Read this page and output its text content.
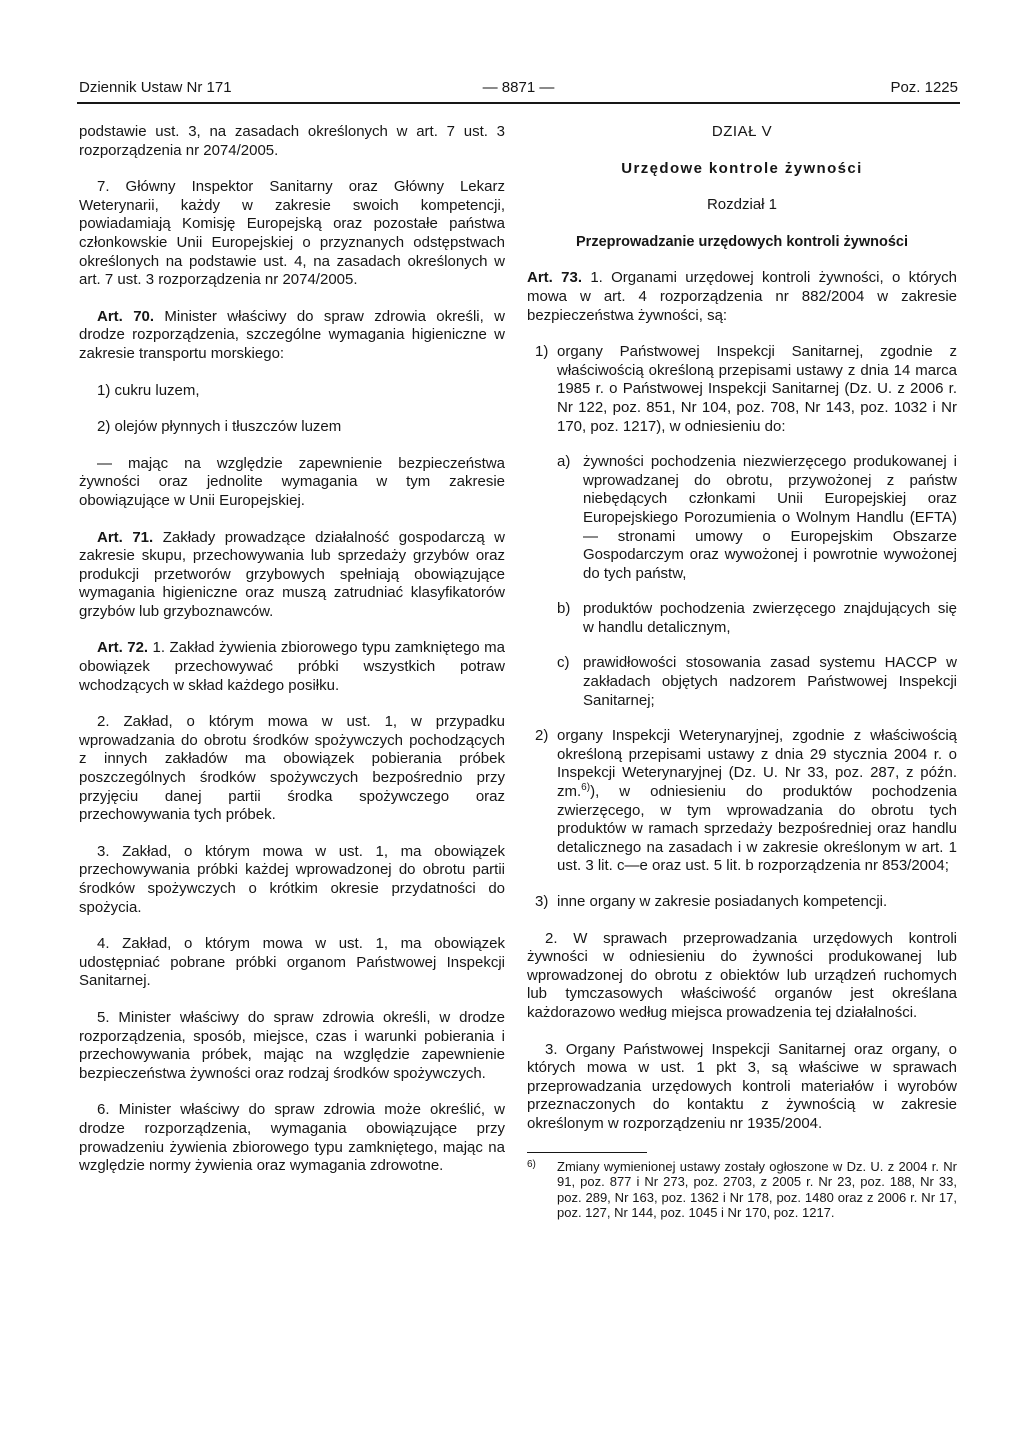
Dziennik Ustaw Nr 171	— 8871 —	Poz. 1225

podstawie ust. 3, na zasadach określonych w art. 7 ust. 3 rozporządzenia nr 2074/2005.

7. Główny Inspektor Sanitarny oraz Główny Lekarz Weterynarii, każdy w zakresie swoich kompetencji, powiadamiają Komisję Europejską oraz pozostałe państwa członkowskie Unii Europejskiej o przyznanych odstępstwach określonych na podstawie ust. 4, na zasadach określonych w art. 7 ust. 3 rozporządzenia nr 2074/2005.

Art. 70. Minister właściwy do spraw zdrowia określi, w drodze rozporządzenia, szczególne wymagania higieniczne w zakresie transportu morskiego:

1) cukru luzem,

2) olejów płynnych i tłuszczów luzem

— mając na względzie zapewnienie bezpieczeństwa żywności oraz jednolite wymagania w tym zakresie obowiązujące w Unii Europejskiej.

Art. 71. Zakłady prowadzące działalność gospodarczą w zakresie skupu, przechowywania lub sprzedaży grzybów oraz produkcji przetworów grzybowych spełniają obowiązujące wymagania higieniczne oraz muszą zatrudniać klasyfikatorów grzybów lub grzyboznawców.

Art. 72. 1. Zakład żywienia zbiorowego typu zamkniętego ma obowiązek przechowywać próbki wszystkich potraw wchodzących w skład każdego posiłku.

2. Zakład, o którym mowa w ust. 1, w przypadku wprowadzania do obrotu środków spożywczych pochodzących z innych zakładów ma obowiązek pobierania próbek poszczególnych środków spożywczych bezpośrednio przy przyjęciu danej partii środka spożywczego oraz przechowywania tych próbek.

3. Zakład, o którym mowa w ust. 1, ma obowiązek przechowywania próbki każdej wprowadzonej do obrotu partii środków spożywczych o krótkim okresie przydatności do spożycia.

4. Zakład, o którym mowa w ust. 1, ma obowiązek udostępniać pobrane próbki organom Państwowej Inspekcji Sanitarnej.

5. Minister właściwy do spraw zdrowia określi, w drodze rozporządzenia, sposób, miejsce, czas i warunki pobierania i przechowywania próbek, mając na względzie zapewnienie bezpieczeństwa żywności oraz rodzaj środków spożywczych.

6. Minister właściwy do spraw zdrowia może określić, w drodze rozporządzenia, wymagania obowiązujące przy prowadzeniu żywienia zbiorowego typu zamkniętego, mając na względzie normy żywienia oraz wymagania zdrowotne.

DZIAŁ V
Urzędowe kontrole żywności
Rozdział 1
Przeprowadzanie urzędowych kontroli żywności

Art. 73. 1. Organami urzędowej kontroli żywności, o których mowa w art. 4 rozporządzenia nr 882/2004 w zakresie bezpieczeństwa żywności, są:

1) organy Państwowej Inspekcji Sanitarnej, zgodnie z właściwością określoną przepisami ustawy z dnia 14 marca 1985 r. o Państwowej Inspekcji Sanitarnej (Dz. U. z 2006 r. Nr 122, poz. 851, Nr 104, poz. 708, Nr 143, poz. 1032 i Nr 170, poz. 1217), w odniesieniu do:
a) żywności pochodzenia niezwierzęcego produkowanej i wprowadzanej do obrotu, przywożonej z państw niebędących członkami Unii Europejskiej oraz Europejskiego Porozumienia o Wolnym Handlu (EFTA) — stronami umowy o Europejskim Obszarze Gospodarczym oraz wywożonej i powrotnie wywożonej do tych państw,
b) produktów pochodzenia zwierzęcego znajdujących się w handlu detalicznym,
c) prawidłowości stosowania zasad systemu HACCP w zakładach objętych nadzorem Państwowej Inspekcji Sanitarnej;
2) organy Inspekcji Weterynaryjnej, zgodnie z właściwością określoną przepisami ustawy z dnia 29 stycznia 2004 r. o Inspekcji Weterynaryjnej (Dz. U. Nr 33, poz. 287, z późn. zm.$^{6)}$), w odniesieniu do produktów pochodzenia zwierzęcego, w tym wprowadzania do obrotu tych produktów w ramach sprzedaży bezpośredniej oraz handlu detalicznego na zasadach i w zakresie określonym w art. 1 ust. 3 lit. c—e oraz ust. 5 lit. b rozporządzenia nr 853/2004;
3) inne organy w zakresie posiadanych kompetencji.

2. W sprawach przeprowadzania urzędowych kontroli żywności w odniesieniu do żywności produkowanej lub wprowadzonej do obrotu z obiektów lub urządzeń ruchomych lub tymczasowych właściwość organów jest określana każdorazowo według miejsca prowadzenia tej działalności.

3. Organy Państwowej Inspekcji Sanitarnej oraz organy, o których mowa w ust. 1 pkt 3, są właściwe w sprawach przeprowadzania urzędowych kontroli materiałów i wyrobów przeznaczonych do kontaktu z żywnością w zakresie określonym w rozporządzeniu nr 1935/2004.

6) Zmiany wymienionej ustawy zostały ogłoszone w Dz. U. z 2004 r. Nr 91, poz. 877 i Nr 273, poz. 2703, z 2005 r. Nr 23, poz. 188, Nr 33, poz. 289, Nr 163, poz. 1362 i Nr 178, poz. 1480 oraz z 2006 r. Nr 17, poz. 127, Nr 144, poz. 1045 i Nr 170, poz. 1217.
